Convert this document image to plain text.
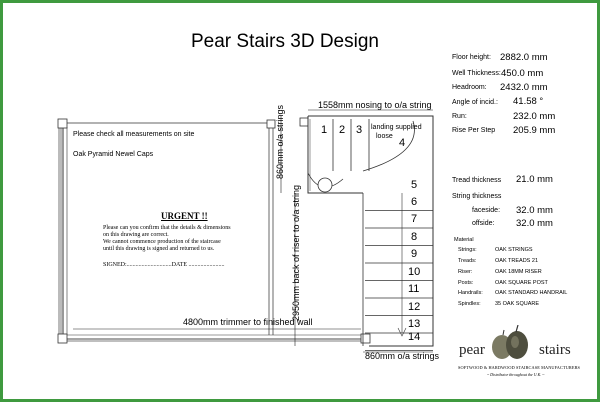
Pear Stairs 3D Design
Floor height: 2882.0 mm
Well Thickness: 450.0 mm
Headroom: 2432.0 mm
Angle of incid.: 41.58 °
Run:	232.0 mm
Rise Per Step 205.9 mm
Tread thickness 21.0 mm
String thickness
faceside: 32.0 mm
offside: 32.0 mm
Material
Strings:	OAK STRINGS
Treads:	OAK TREADS 21
Riser:	OAK 18MM RISER
Posts:	OAK SQUARE POST
Handrails: OAK STANDARD HANDRAIL
Spindles:	35 OAK SQUARE
860mm o/a strings
2950mm back of riser to o/a string
Please check all measurements on site
Oak Pyramid Newel Caps
URGENT !!
Please can you confirm that the details & dimensions
on this drawing are correct.
We cannot commence production of the staircase
until this drawing is signed and returned to us.
SIGNED:..............................DATE ........................
1558mm nosing to o/a string
4800mm trimmer to finished wall
860mm o/a strings
landing supplied
loose
1 2 3
4
5
6
7
8
9
10
11
12
13
14
pear	stairs
SOFTWOOD & HARDWOOD STAIRCASE MANUFACTURERS
~ Distributor throughout the U.K. ~
